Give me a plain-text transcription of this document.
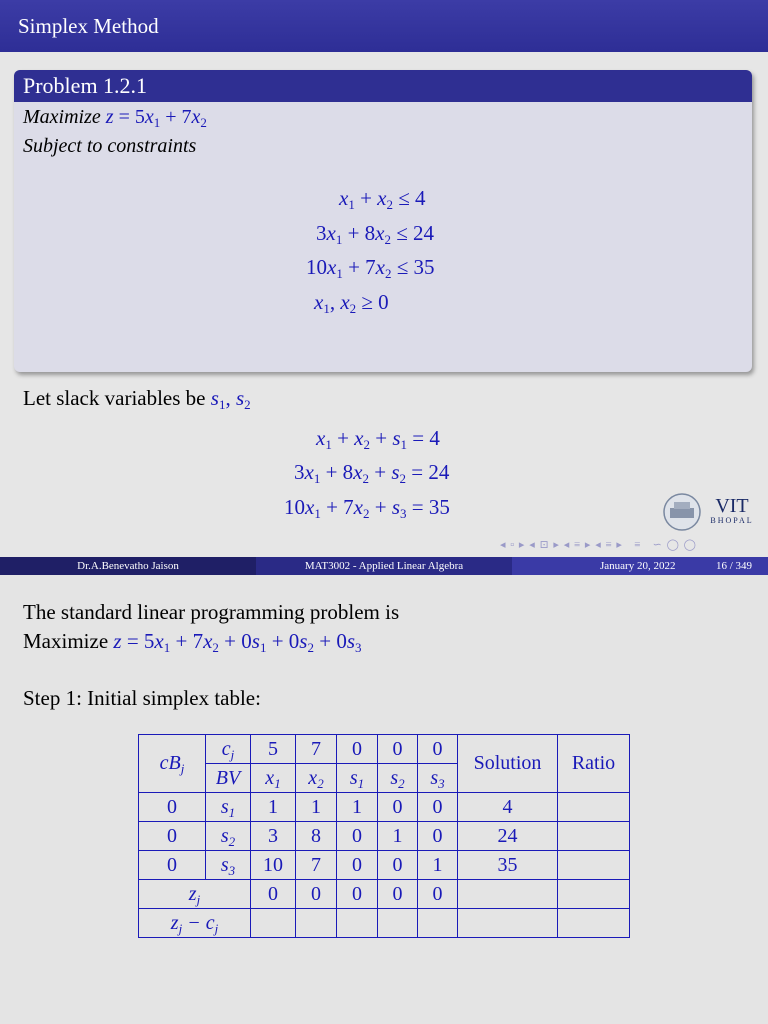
Simplex Method
Problem 1.2.1
Maximize $z = 5x_1 + 7x_2$
Subject to constraints
$x_1 + x_2 \le 4$
$3x_1 + 8x_2 \le 24$
$10x_1 + 7x_2 \le 35$
$x_1$, $x_2 \ge 0$
Let slack variables be $s_1$, $s_2$
$x_1 + x_2 + s_1 = 4$
$3x_1 + 8x_2 + s_2 = 24$
$10x_1 + 7x_2 + s_3 = 35$	VIT
BHOPAL
◂ ▫ ▸ ◂ ⊡ ▸ ◂ ≡ ▸ ◂ ≡ ▸   ≡   ∽ ◯ ◯
Dr.A.Benevatho Jaison	MAT3002 - Applied Linear Algebra	January 20, 2022	16 / 349
The standard linear programming problem is
Maximize $z = 5x_1 + 7x_2 + 0s_1 + 0s_2 + 0s_3$
Step 1: Initial simplex table:
$cB_j$	$c_j$	5	7	0	0	0	Solution	Ratio
	BV	$x_1$	$x_2$	$s_1$	$s_2$	$s_3$
0	$s_1$	1	1	1	0	0	4	
0	$s_2$	3	8	0	1	0	24	
0	$s_3$	10	7	0	0	1	35	
$z_j$		0	0	0	0	0		
$z_j - c_j$							
